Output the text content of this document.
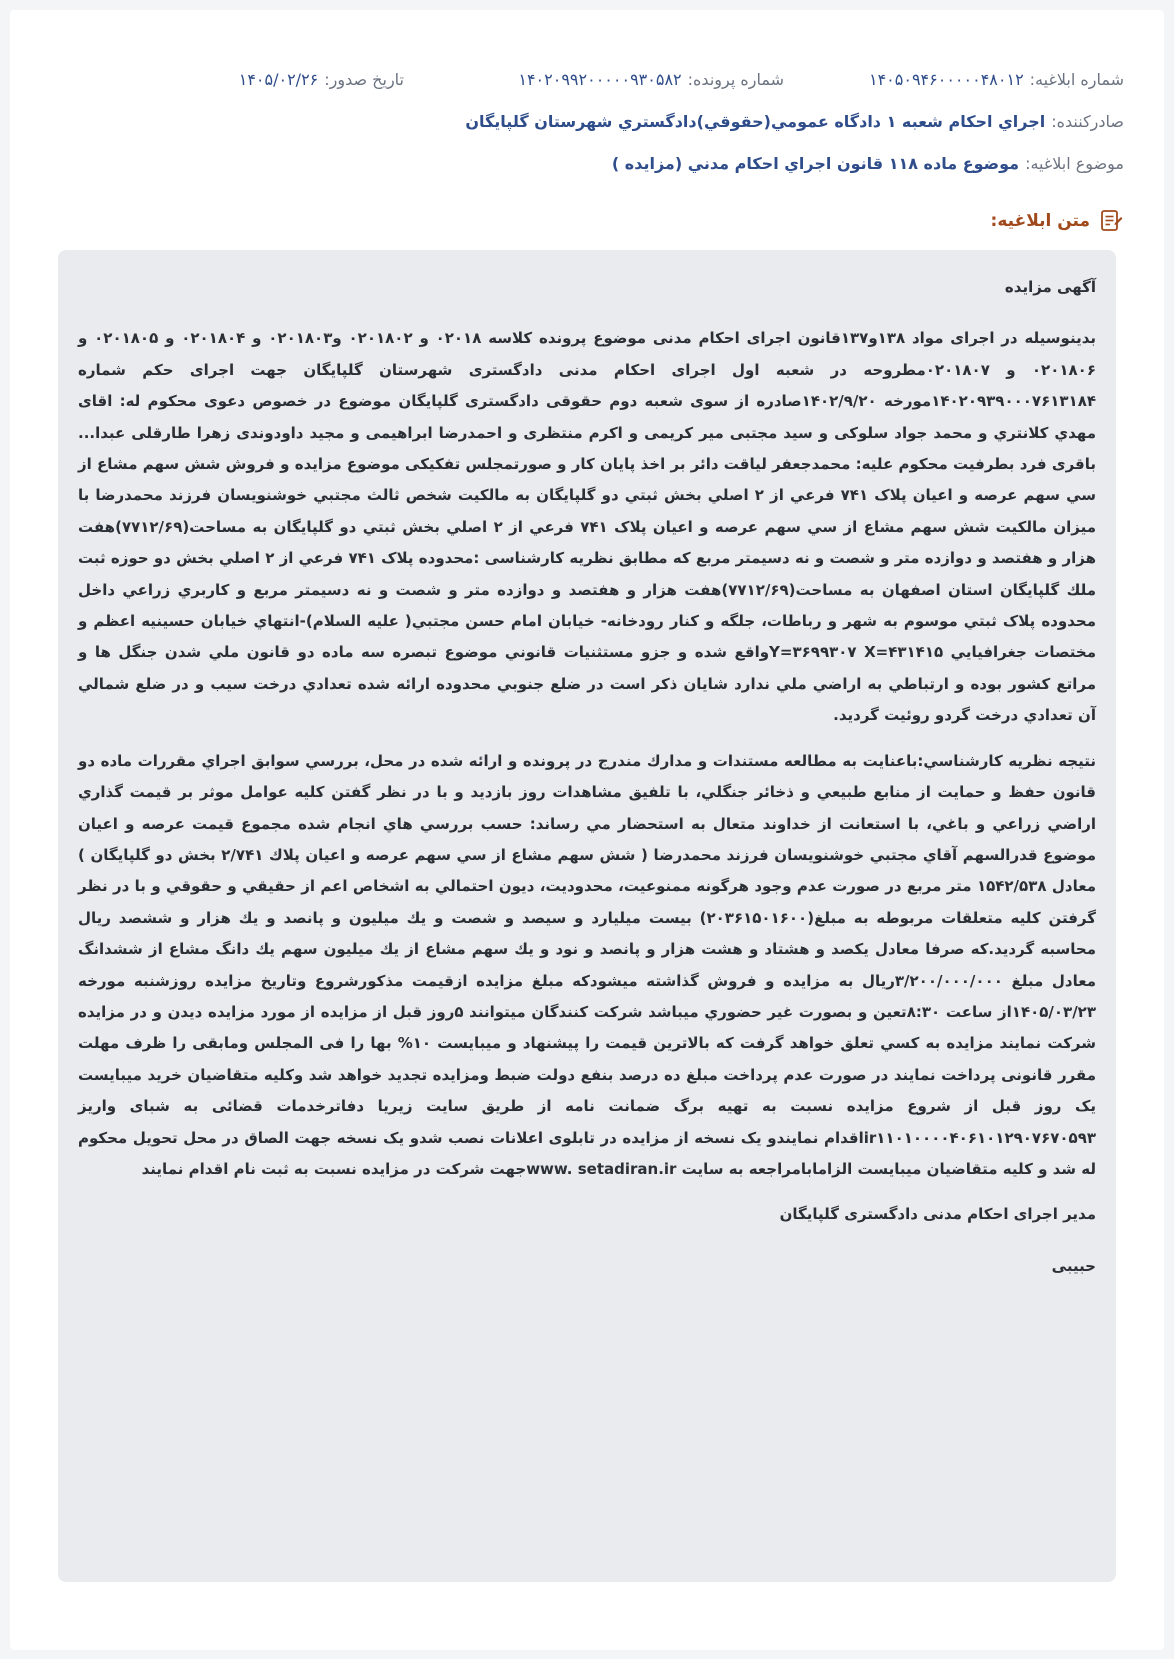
شماره ابلاغیه:
۱۴۰۵۰۹۴۶۰۰۰۰۰۴۸۰۱۲
شماره پرونده:
۱۴۰۲۰۹۹۲۰۰۰۰۰۹۳۰۵۸۲
تاریخ صدور:
۱۴۰۵/۰۲/۲۶
صادرکننده:
اجراي احكام شعبه ۱ دادگاه عمومي(حقوقي)دادگستري شهرستان گلپايگان
موضوع ابلاغیه:
موضوع ماده ۱۱۸ قانون اجراي احکام مدني (مزايده )
متن ابلاغیه:

آگهی مزایده

بدینوسیله در اجرای مواد ۱۳۸و۱۳۷قانون اجرای احکام مدنی موضوع پرونده کلاسه ۰۲۰۱۸ و ۰۲۰۱۸۰۲ و۰۲۰۱۸۰۳ و ۰۲۰۱۸۰۴ و ۰۲۰۱۸۰۵ و ۰۲۰۱۸۰۶ و ۰۲۰۱۸۰۷مطروحه در شعبه اول اجرای احکام مدنی دادگستری شهرستان گلپایگان جهت اجرای حکم شماره ۱۴۰۲۰۹۳۹۰۰۰۷۶۱۳۱۸۴مورخه ۱۴۰۲/۹/۲۰صادره از سوی شعبه دوم حقوقی دادگستری گلپایگان موضوع در خصوص دعوی محکوم له: اقای مهدي کلانتري و محمد جواد سلوکی و سید مجتبی میر کریمی و اکرم منتظری و احمدرضا ابراهیمی و مجید داودوندی زهرا طارقلی عبدا... باقری فرد بطرفیت محکوم علیه: محمدجعفر لیاقت دائر بر اخذ پایان کار و صورتمجلس تفکیکی موضوع مزایده و فروش شش سهم مشاع از سي سهم عرصه و اعیان پلاک ۷۴۱ فرعي از ۲ اصلي بخش ثبتي دو گلپایگان به مالکیت شخص ثالث مجتبي خوشنویسان فرزند محمدرضا با میزان مالکیت شش سهم مشاع از سي سهم عرصه و اعیان پلاک ۷۴۱ فرعي از ۲ اصلي بخش ثبتي دو گلپايگان به مساحت(۷۷۱۲/۶۹)هفت هزار و هفتصد و دوازده متر و شصت و نه دسیمتر مربع که مطابق نظریه کارشناسی :محدوده پلاک ۷۴۱ فرعي از ۲ اصلي بخش دو حوزه ثبت ملك گلپايگان استان اصفهان به مساحت(۷۷۱۲/۶۹)هفت هزار و هفتصد و دوازده متر و شصت و نه دسیمتر مربع و کاربري زراعي داخل محدوده پلاک ثبتي موسوم به شهر و رباطات، جلگه و كنار رودخانه- خيابان امام حسن مجتبي( عليه السلام)-انتهاي خيابان حسينيه اعظم و مختصات جغرافيايي Y=۳۶۹۹۳۰۷ X=۴۳۱۴۱۵واقع شده و جزو مستثنیات قانوني موضوع تبصره سه ماده دو قانون ملي شدن جنگل ها و مراتع كشور بوده و ارتباطي به اراضي ملي ندارد شايان ذكر است در ضلع جنوبي محدوده ارائه شده تعدادي درخت سيب و در ضلع شمالي آن تعدادي درخت گردو روئيت گرديد.

نتیجه نظریه کارشناسي:باعنايت به مطالعه مستندات و مدارك مندرج در پرونده و ارائه شده در محل، بررسي سوابق اجراي مقررات ماده دو قانون حفظ و حمايت از منابع طبيعي و ذخائر جنگلي، با تلفيق مشاهدات روز بازديد و با در نظر گفتن كليه عوامل موثر بر قيمت گذاري اراضي زراعي و باغي، با استعانت از خداوند متعال به استحضار مي رساند: حسب بررسي هاي انجام شده مجموع قيمت عرصه و اعيان موضوع قدرالسهم آقاي مجتبي خوشنويسان فرزند محمدرضا ( شش سهم مشاع از سي سهم عرصه و اعيان پلاك ۲/۷۴۱ بخش دو گلپايگان ) معادل ۱۵۴۲/۵۳۸ متر مربع در صورت عدم وجود هرگونه ممنوعيت، محدوديت، ديون احتمالي به اشخاص اعم از حقيقي و حقوقي و با در نظر گرفتن كليه متعلقات مربوطه به مبلغ(۲۰۳۶۱۵۰۱۶۰۰) بيست ميليارد و سيصد و شصت و يك ميليون و پانصد و يك هزار و ششصد ريال محاسبه گرديد.كه صرفا معادل يكصد و هشتاد و هشت هزار و پانصد و نود و يك سهم مشاع از يك ميليون سهم يك دانگ مشاع از ششدانگ معادل مبلغ ۳/۲۰۰/۰۰۰/۰۰۰ریال به مزایده و فروش گذاشته میشودکه مبلغ مزايده ازقيمت مذكورشروع وتاريخ مزايده روزشنبه مورخه ۱۴۰۵/۰۳/۲۳از ساعت ۸:۳۰تعين و بصورت غير حضوري ميباشد شركت كنندگان ميتوانند ۵روز قبل از مزايده از مورد مزايده ديدن و در مزايده شركت نمايند مزايده به كسي تعلق خواهد گرفت كه بالاترين قيمت را پيشنهاد و ميبايست ۱۰% بها را فی المجلس ومابقی را ظرف مهلت مقرر قانونی پرداخت نمایند در صورت عدم پرداخت مبلغ ده درصد بنفع دولت ضبط ومزایده تجدید خواهد شد وكليه متقاضيان خريد ميبايست يک روز قبل از شروع مزايده نسبت به تهيه برگ ضمانت نامه از طريق سايت زيريا دفاترخدمات قضائی به شبای واریز ir۱۱۰۱۰۰۰۰۴۰۶۱۰۱۲۹۰۷۶۷۰۵۹۳اقدام نمایندو یک نسخه از مزایده در تابلوی اعلانات نصب شدو یک نسخه جهت الصاق در محل تحویل محکوم له شد و کلیه متقاضیان میبایست الزامابامراجعه به سایت www. setadiran.irجهت شرکت در مزایده نسبت به ثبت نام اقدام نمایند

مدیر اجرای احکام مدنی دادگستری گلپایگان

حبیبی
